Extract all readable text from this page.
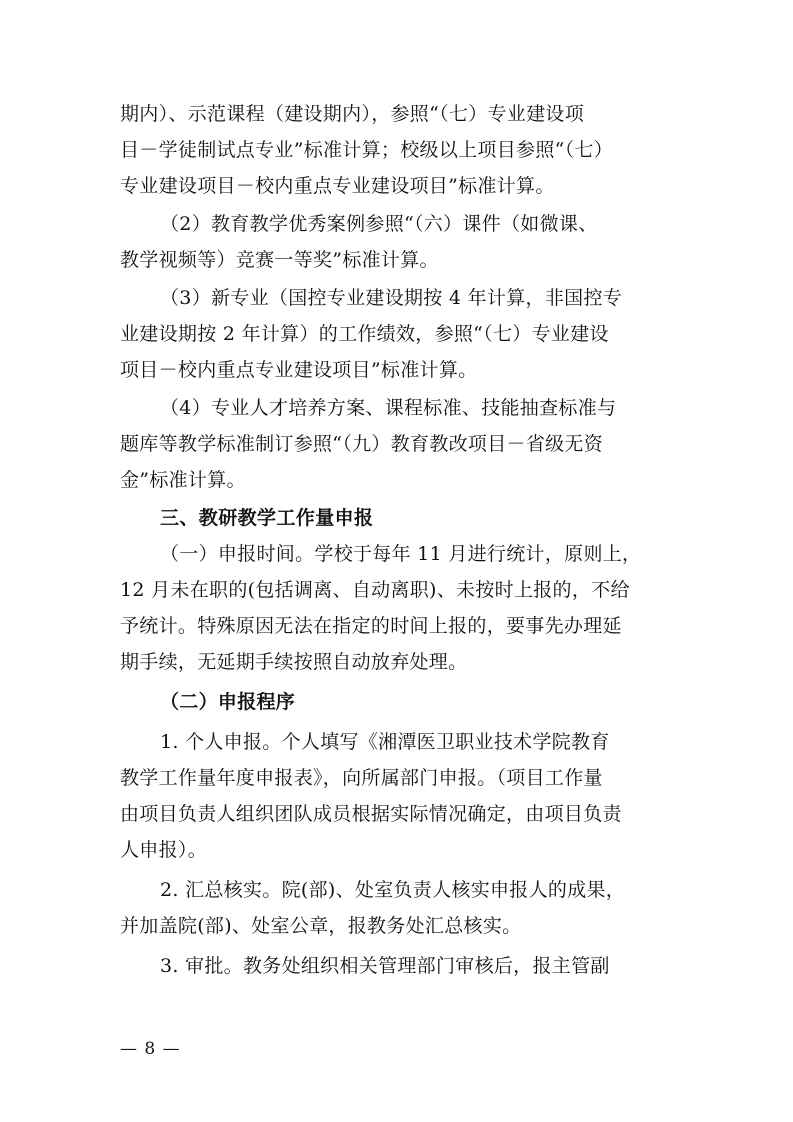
期内）、示范课程（建设期内），参照“（七）专业建设项
目－学徒制试点专业”标准计算；校级以上项目参照“（七）
专业建设项目－校内重点专业建设项目”标准计算。
（2）教育教学优秀案例参照“（六）课件（如微课、
教学视频等）竞赛一等奖”标准计算。
（3）新专业（国控专业建设期按 4 年计算，非国控专
业建设期按 2 年计算）的工作绩效，参照“（七）专业建设
项目－校内重点专业建设项目”标准计算。
（4）专业人才培养方案、课程标准、技能抽查标准与
题库等教学标准制订参照“（九）教育教改项目－省级无资
金”标准计算。
三、教研教学工作量申报
（一）申报时间。学校于每年 11 月进行统计，原则上，
12 月未在职的(包括调离、自动离职)、未按时上报的，不给
予统计。特殊原因无法在指定的时间上报的，要事先办理延
期手续，无延期手续按照自动放弃处理。
（二）申报程序
1. 个人申报。个人填写《湘潭医卫职业技术学院教育
教学工作量年度申报表》，向所属部门申报。（项目工作量
由项目负责人组织团队成员根据实际情况确定，由项目负责
人申报）。
2. 汇总核实。院(部)、处室负责人核实申报人的成果，
并加盖院(部)、处室公章，报教务处汇总核实。
3. 审批。教务处组织相关管理部门审核后，报主管副
— 8 —
